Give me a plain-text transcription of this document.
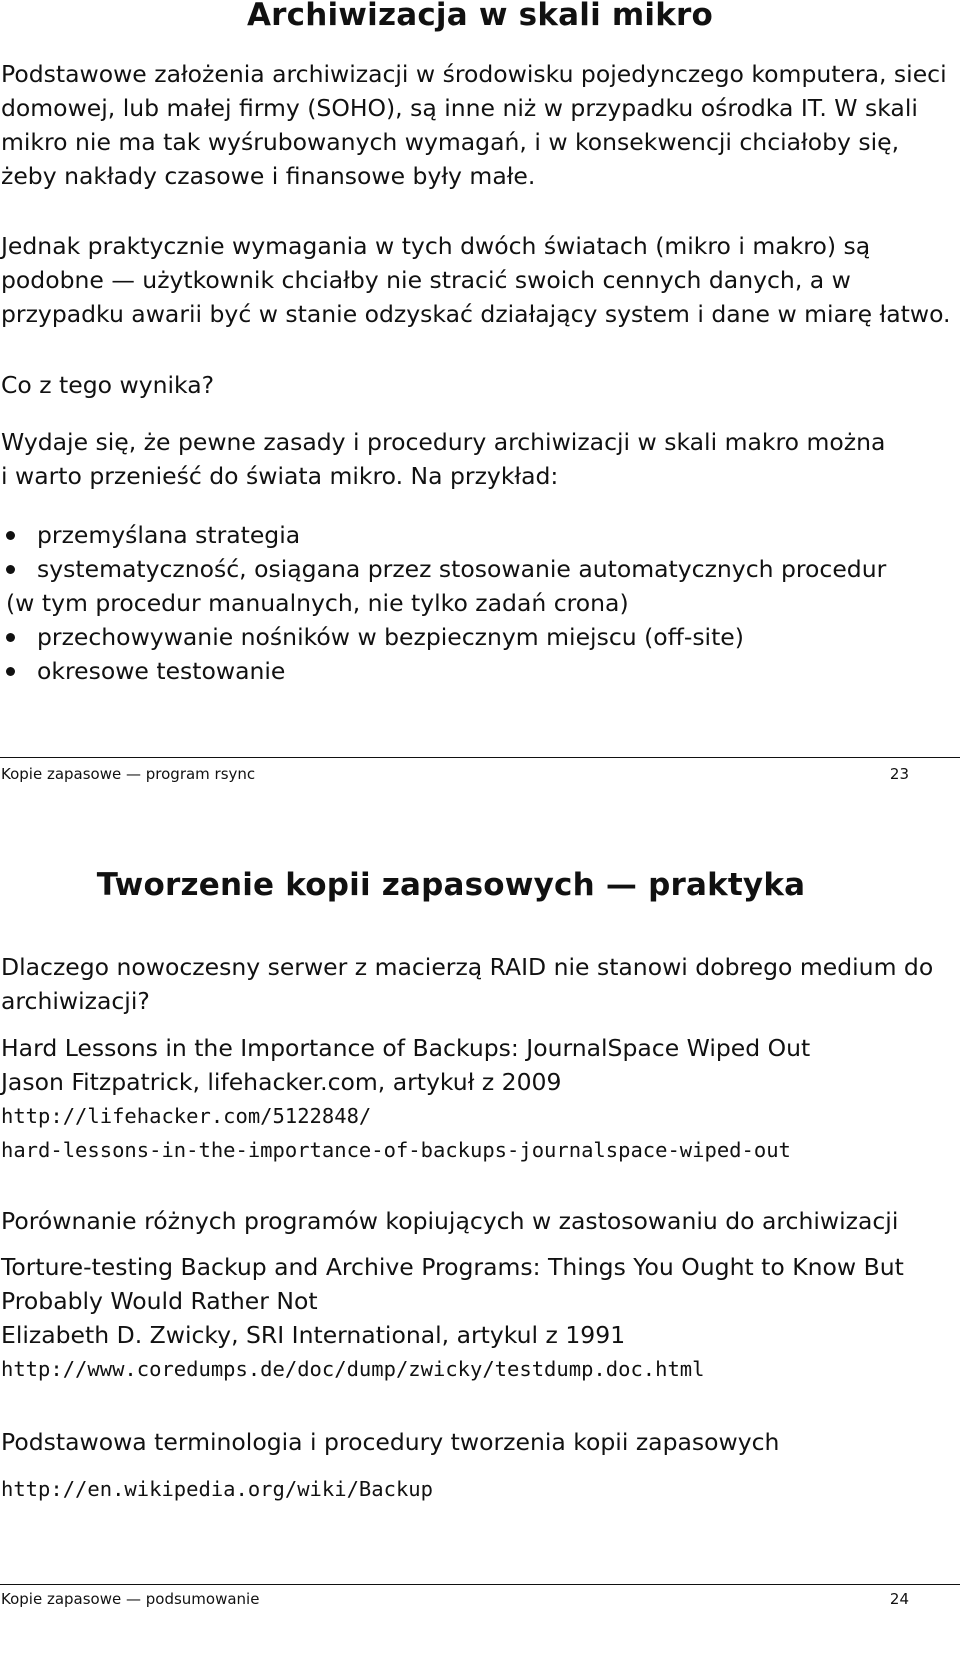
Archiwizacja w skali mikro
Podstawowe założenia archiwizacji w środowisku pojedynczego komputera, sieci
domowej, lub małej firmy (SOHO), są inne niż w przypadku ośrodka IT. W skali
mikro nie ma tak wyśrubowanych wymagań, i w konsekwencji chciałoby się,
żeby nakłady czasowe i finansowe były małe.
Jednak praktycznie wymagania w tych dwóch światach (mikro i makro) są
podobne — użytkownik chciałby nie stracić swoich cennych danych, a w
przypadku awarii być w stanie odzyskać działający system i dane w miarę łatwo.
Co z tego wynika?
Wydaje się, że pewne zasady i procedury archiwizacji w skali makro można
i warto przenieść do świata mikro. Na przykład:
przemyślana strategia
systematyczność, osiągana przez stosowanie automatycznych procedur
(w tym procedur manualnych, nie tylko zadań crona)
przechowywanie nośników w bezpiecznym miejscu (off-site)
okresowe testowanie
Kopie zapasowe — program rsync	23
Tworzenie kopii zapasowych — praktyka
Dlaczego nowoczesny serwer z macierzą RAID nie stanowi dobrego medium do
archiwizacji?
Hard Lessons in the Importance of Backups: JournalSpace Wiped Out
Jason Fitzpatrick, lifehacker.com, artykuł z 2009
http://lifehacker.com/5122848/
hard-lessons-in-the-importance-of-backups-journalspace-wiped-out
Porównanie różnych programów kopiujących w zastosowaniu do archiwizacji
Torture-testing Backup and Archive Programs: Things You Ought to Know But
Probably Would Rather Not
Elizabeth D. Zwicky, SRI International, artykul z 1991
http://www.coredumps.de/doc/dump/zwicky/testdump.doc.html
Podstawowa terminologia i procedury tworzenia kopii zapasowych
http://en.wikipedia.org/wiki/Backup
Kopie zapasowe — podsumowanie	24
